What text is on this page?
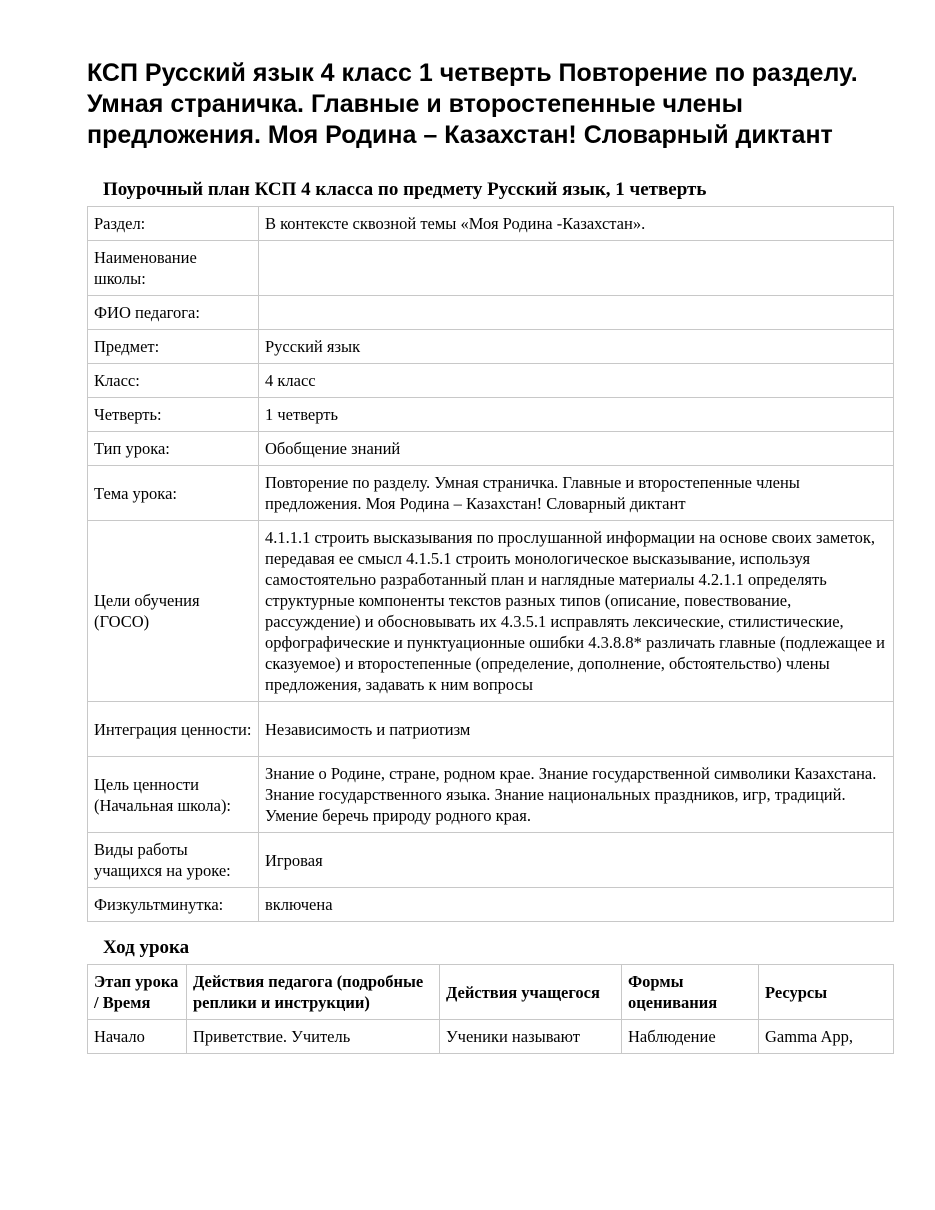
КСП Русский язык 4 класс 1 четверть Повторение по разделу. Умная страничка. Главные и второстепенные члены предложения. Моя Родина – Казахстан! Словарный диктант
Поурочный план КСП 4 класса по предмету Русский язык, 1 четверть
Раздел:	В контексте сквозной темы «Моя Родина -Казахстан».
Наименование школы:	
ФИО педагога:	
Предмет:	Русский язык
Класс:	4 класс
Четверть:	1 четверть
Тип урока:	Обобщение знаний
Тема урока:	Повторение по разделу. Умная страничка. Главные и второстепенные члены предложения. Моя Родина – Казахстан! Словарный диктант
Цели обучения (ГОСО)	4.1.1.1 строить высказывания по прослушанной информации на основе своих заметок, передавая ее смысл 4.1.5.1 строить монологическое высказывание, используя самостоятельно разработанный план и наглядные материалы 4.2.1.1 определять структурные компоненты текстов разных типов (описание, повествование, рассуждение) и обосновывать их 4.3.5.1 исправлять лексические, стилистические, орфографические и пунктуационные ошибки 4.3.8.8* различать главные (подлежащее и сказуемое) и второстепенные (определение, дополнение, обстоятельство) члены предложения, задавать к ним вопросы
Интеграция ценности:	Независимость и патриотизм
Цель ценности (Начальная школа):	Знание о Родине, стране, родном крае. Знание государственной символики Казахстана. Знание государственного языка. Знание национальных праздников, игр, традиций. Умение беречь природу родного края.
Виды работы учащихся на уроке:	Игровая
Физкультминутка:	включена
Ход урока
Этап урока / Время	Действия педагога (подробные реплики и инструкции)	Действия учащегося	Формы оценивания	Ресурсы
Начало	Приветствие. Учитель	Ученики называют	Наблюдение	Gamma App,
